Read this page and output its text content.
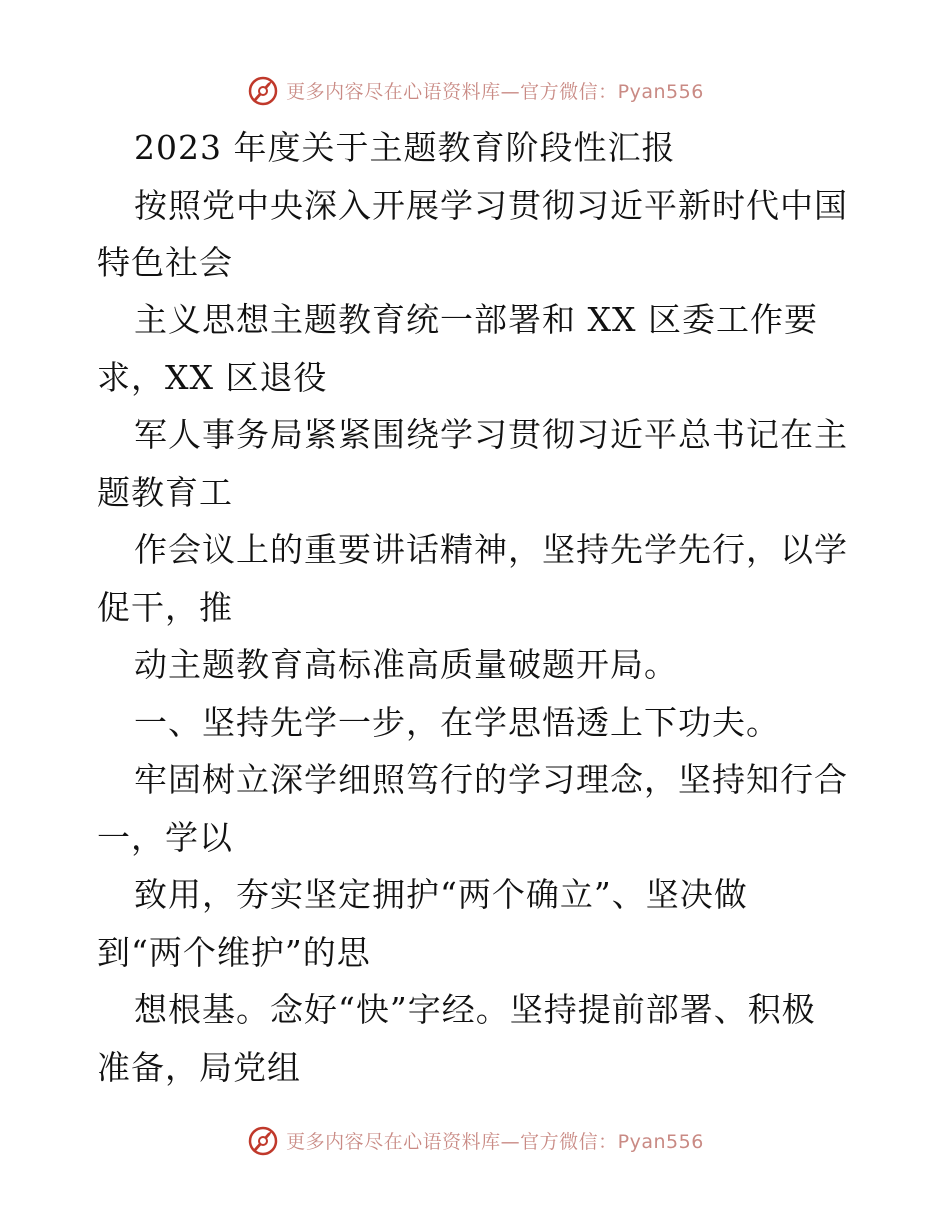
更多内容尽在心语资料库—官方微信：Pyan556
2023 年度关于主题教育阶段性汇报
按照党中央深入开展学习贯彻习近平新时代中国
特色社会
主义思想主题教育统一部署和 XX 区委工作要
求，XX 区退役
军人事务局紧紧围绕学习贯彻习近平总书记在主
题教育工
作会议上的重要讲话精神，坚持先学先行，以学
促干，推
动主题教育高标准高质量破题开局。
一、坚持先学一步，在学思悟透上下功夫。
牢固树立深学细照笃行的学习理念，坚持知行合
一，学以
致用，夯实坚定拥护“两个确立”、坚决做
到“两个维护”的思
想根基。念好“快”字经。坚持提前部署、积极
准备，局党组
更多内容尽在心语资料库—官方微信：Pyan556
